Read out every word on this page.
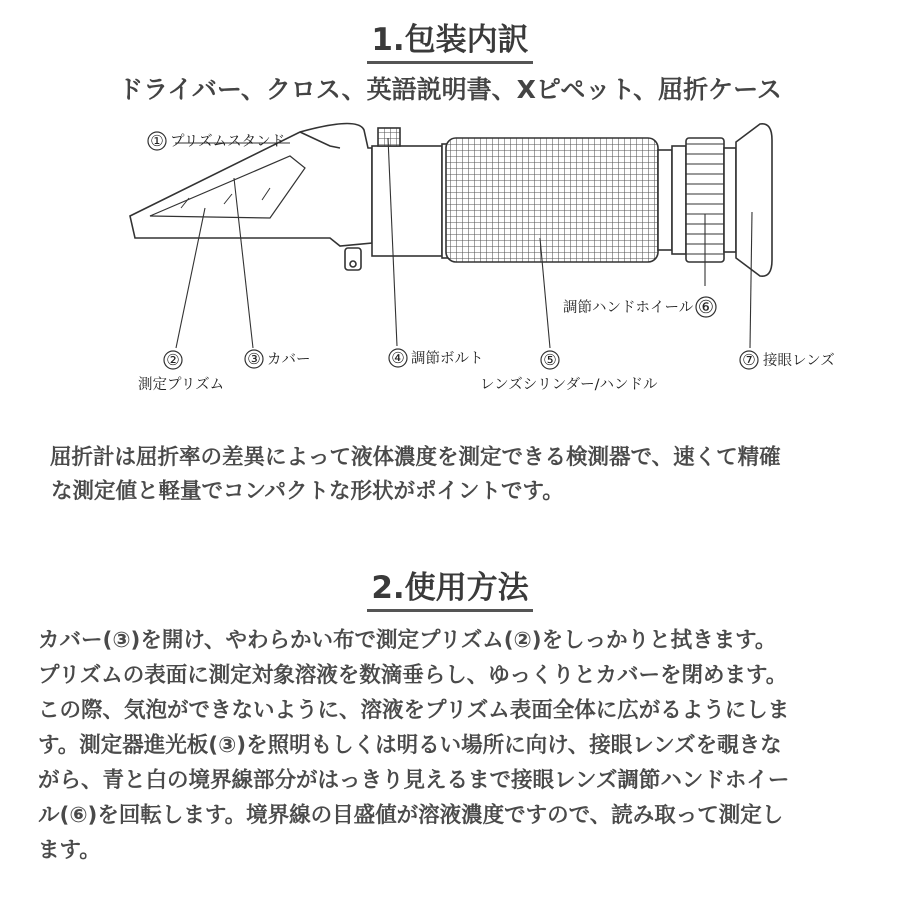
1.包装内訳
ドライバー、クロス、英語説明書、Xピペット、屈折ケース
① プリズムスタンド
②
測定プリズム
③ カバー	④ 調節ボルト	⑤
レンズシリンダー/ハンドル
調節ハンドホイール ⑥
⑦ 接眼レンズ
屈折計は屈折率の差異によって液体濃度を測定できる検測器で、速くて精確
な測定値と軽量でコンパクトな形状がポイントです。
2.使用方法
カバー(③)を開け、やわらかい布で測定プリズム(②)をしっかりと拭きます。
プリズムの表面に測定対象溶液を数滴垂らし、ゆっくりとカバーを閉めます。
この際、気泡ができないように、溶液をプリズム表面全体に広がるようにしま
す。測定器進光板(③)を照明もしくは明るい場所に向け、接眼レンズを覗きな
がら、青と白の境界線部分がはっきり見えるまで接眼レンズ調節ハンドホイー
ル(⑥)を回転します。境界線の目盛値が溶液濃度ですので、読み取って測定し
ます。
